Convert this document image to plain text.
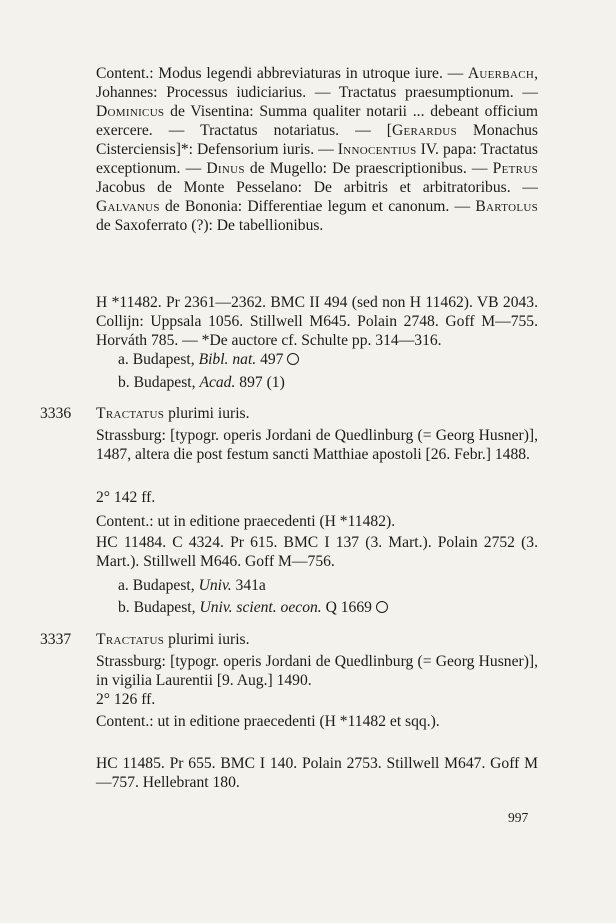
Content.: Modus legendi abbreviaturas in utroque iure. — Auerbach, Johannes: Processus iudiciarius. — Tractatus praesumptionum. — Dominicus de Visentina: Summa qualiter notarii ... debeant officium exercere. — Tractatus notariatus. — [Gerardus Monachus Cisterciensis]*: Defensorium iuris. — Innocentius IV. papa: Tractatus exceptionum. — Dinus de Mugello: De praescriptionibus. — Petrus Jacobus de Monte Pesselano: De arbitris et arbitratoribus. — Galvanus de Bononia: Differentiae legum et canonum. — Bartolus de Saxoferrato (?): De tabellionibus.
H *11482. Pr 2361—2362. BMC II 494 (sed non H 11462). VB 2043. Collijn: Uppsala 1056. Stillwell M645. Polain 2748. Goff M—755. Horváth 785. — *De auctore cf. Schulte pp. 314—316.
a. Budapest, Bibl. nat. 497
b. Budapest, Acad. 897 (1)
3336 Tractatus plurimi iuris.
Strassburg: [typogr. operis Jordani de Quedlinburg (= Georg Husner)], 1487, altera die post festum sancti Matthiae apostoli [26. Febr.] 1488.
2° 142 ff.
Content.: ut in editione praecedenti (H *11482).
HC 11484. C 4324. Pr 615. BMC I 137 (3. Mart.). Polain 2752 (3. Mart.). Stillwell M646. Goff M—756.
a. Budapest, Univ. 341a
b. Budapest, Univ. scient. oecon. Q 1669
3337 Tractatus plurimi iuris.
Strassburg: [typogr. operis Jordani de Quedlinburg (= Georg Husner)], in vigilia Laurentii [9. Aug.] 1490.
2° 126 ff.
Content.: ut in editione praecedenti (H *11482 et sqq.).
HC 11485. Pr 655. BMC I 140. Polain 2753. Stillwell M647. Goff M—757. Hellebrant 180.
997
